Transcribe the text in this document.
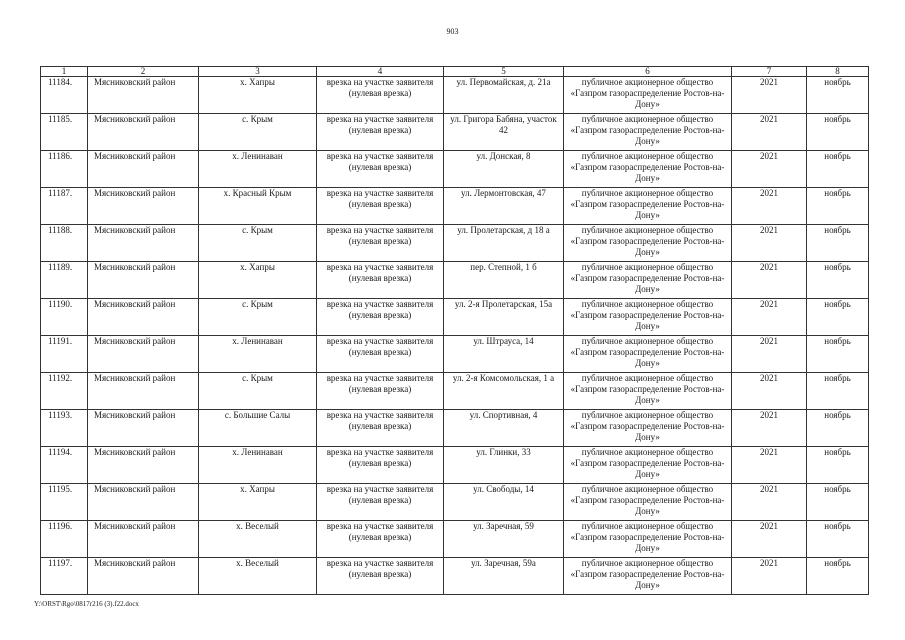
903
1	2	3	4	5	6	7	8
11184.	Мясниковский район	х. Хапры	врезка на участке заявителя (нулевая врезка)	ул. Первомайская, д. 21а	публичное акционерное общество «Газпром газораспределение Ростов-на-Дону»	2021	ноябрь
11185.	Мясниковский район	с. Крым	врезка на участке заявителя (нулевая врезка)	ул. Григора Бабяна, участок 42	публичное акционерное общество «Газпром газораспределение Ростов-на-Дону»	2021	ноябрь
11186.	Мясниковский район	х. Ленинаван	врезка на участке заявителя (нулевая врезка)	ул. Донская, 8	публичное акционерное общество «Газпром газораспределение Ростов-на-Дону»	2021	ноябрь
11187.	Мясниковский район	х. Красный Крым	врезка на участке заявителя (нулевая врезка)	ул. Лермонтовская, 47	публичное акционерное общество «Газпром газораспределение Ростов-на-Дону»	2021	ноябрь
11188.	Мясниковский район	с. Крым	врезка на участке заявителя (нулевая врезка)	ул. Пролетарская, д 18 а	публичное акционерное общество «Газпром газораспределение Ростов-на-Дону»	2021	ноябрь
11189.	Мясниковский район	х. Хапры	врезка на участке заявителя (нулевая врезка)	пер. Степной, 1 б	публичное акционерное общество «Газпром газораспределение Ростов-на-Дону»	2021	ноябрь
11190.	Мясниковский район	с. Крым	врезка на участке заявителя (нулевая врезка)	ул. 2-я Пролетарская, 15а	публичное акционерное общество «Газпром газораспределение Ростов-на-Дону»	2021	ноябрь
11191.	Мясниковский район	х. Ленинаван	врезка на участке заявителя (нулевая врезка)	ул. Штрауса, 14	публичное акционерное общество «Газпром газораспределение Ростов-на-Дону»	2021	ноябрь
11192.	Мясниковский район	с. Крым	врезка на участке заявителя (нулевая врезка)	ул. 2-я Комсомольская, 1 а	публичное акционерное общество «Газпром газораспределение Ростов-на-Дону»	2021	ноябрь
11193.	Мясниковский район	с. Большие Салы	врезка на участке заявителя (нулевая врезка)	ул. Спортивная, 4	публичное акционерное общество «Газпром газораспределение Ростов-на-Дону»	2021	ноябрь
11194.	Мясниковский район	х. Ленинаван	врезка на участке заявителя (нулевая врезка)	ул. Глинки, 33	публичное акционерное общество «Газпром газораспределение Ростов-на-Дону»	2021	ноябрь
11195.	Мясниковский район	х. Хапры	врезка на участке заявителя (нулевая врезка)	ул. Свободы, 14	публичное акционерное общество «Газпром газораспределение Ростов-на-Дону»	2021	ноябрь
11196.	Мясниковский район	х. Веселый	врезка на участке заявителя (нулевая врезка)	ул. Заречная, 59	публичное акционерное общество «Газпром газораспределение Ростов-на-Дону»	2021	ноябрь
11197.	Мясниковский район	х. Веселый	врезка на участке заявителя (нулевая врезка)	ул. Заречная, 59а	публичное акционерное общество «Газпром газораспределение Ростов-на-Дону»	2021	ноябрь
Y:\ORST\Rgo\0817r216 (3).f22.docx
